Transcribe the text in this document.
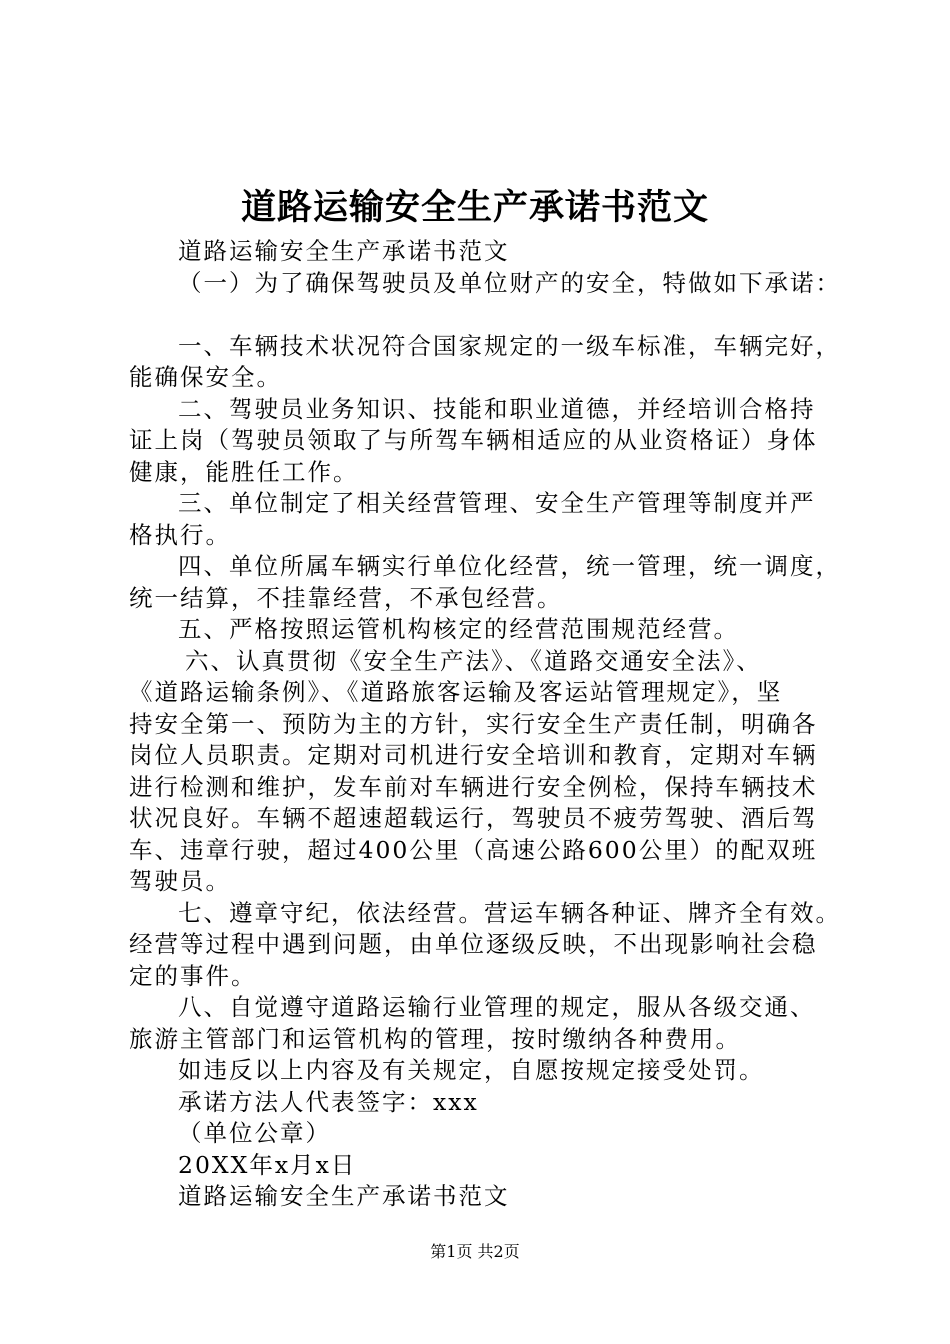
道路运输安全生产承诺书范文
道路运输安全生产承诺书范文
（一）为了确保驾驶员及单位财产的安全，特做如下承诺：
一、车辆技术状况符合国家规定的一级车标准，车辆完好，
能确保安全。
二、驾驶员业务知识、技能和职业道德，并经培训合格持
证上岗（驾驶员领取了与所驾车辆相适应的从业资格证）身体
健康，能胜任工作。
三、单位制定了相关经营管理、安全生产管理等制度并严
格执行。
四、单位所属车辆实行单位化经营，统一管理，统一调度，
统一结算，不挂靠经营，不承包经营。
五、严格按照运管机构核定的经营范围规范经营。
六、认真贯彻《安全生产法》、《道路交通安全法》、
《道路运输条例》、《道路旅客运输及客运站管理规定》，坚
持安全第一、预防为主的方针，实行安全生产责任制，明确各
岗位人员职责。定期对司机进行安全培训和教育，定期对车辆
进行检测和维护，发车前对车辆进行安全例检，保持车辆技术
状况良好。车辆不超速超载运行，驾驶员不疲劳驾驶、酒后驾
车、违章行驶，超过400公里（高速公路600公里）的配双班
驾驶员。
七、遵章守纪，依法经营。营运车辆各种证、牌齐全有效。
经营等过程中遇到问题，由单位逐级反映，不出现影响社会稳
定的事件。
八、自觉遵守道路运输行业管理的规定，服从各级交通、
旅游主管部门和运管机构的管理，按时缴纳各种费用。
如违反以上内容及有关规定，自愿按规定接受处罚。
承诺方法人代表签字：xxx
（单位公章）
20XX年x月x日
道路运输安全生产承诺书范文
第1页 共2页
